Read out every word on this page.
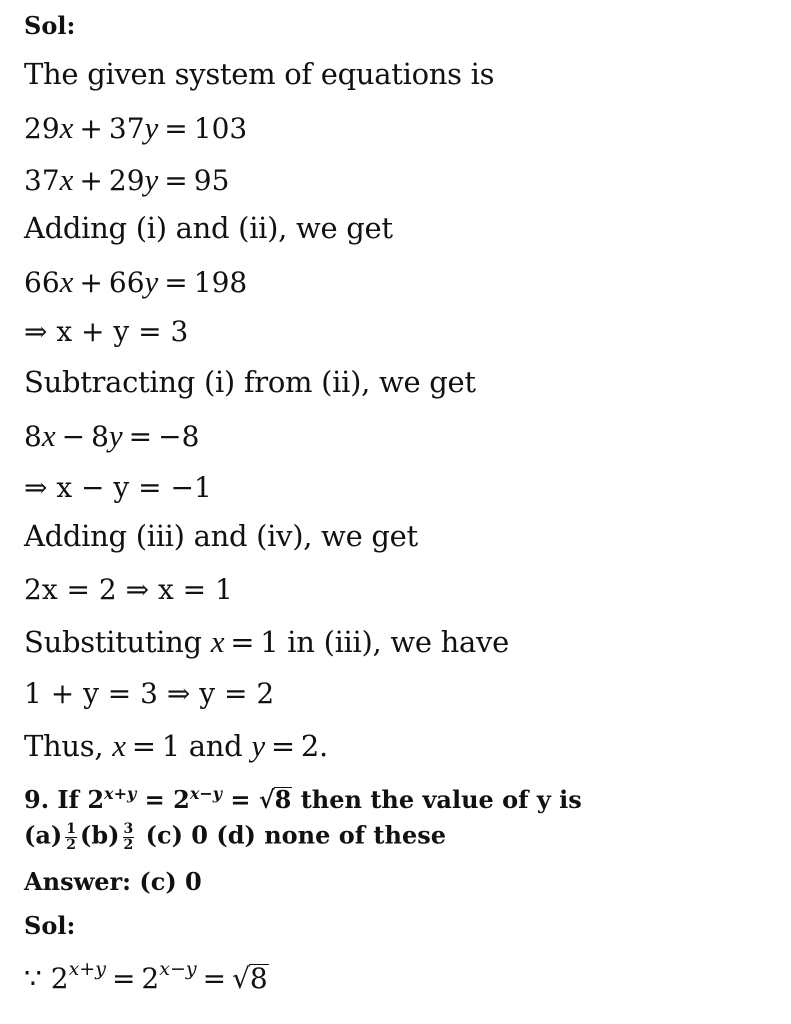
Sol:
The given system of equations is
29x + 37y = 103
37x + 29y = 95
Adding (i) and (ii), we get
66x + 66y = 198
⇒ x + y = 3
Subtracting (i) from (ii), we get
8x − 8y = −8
⇒ x − y = −1
Adding (iii) and (iv), we get
2x = 2 ⇒ x = 1
Substituting x = 1 in (iii), we have
1 + y = 3 ⇒ y = 2
Thus, x = 1 and y = 2.
9. If $2^{x+y} = 2^{x-y} = √8$ then the value of y is
$(a) \frac{1}{2} (b) \frac{3}{2} (c)$ 0 (d) none of these
Answer: (c) 0
Sol:
∵ $2^{x+y} = 2^{x-y} = √8$
